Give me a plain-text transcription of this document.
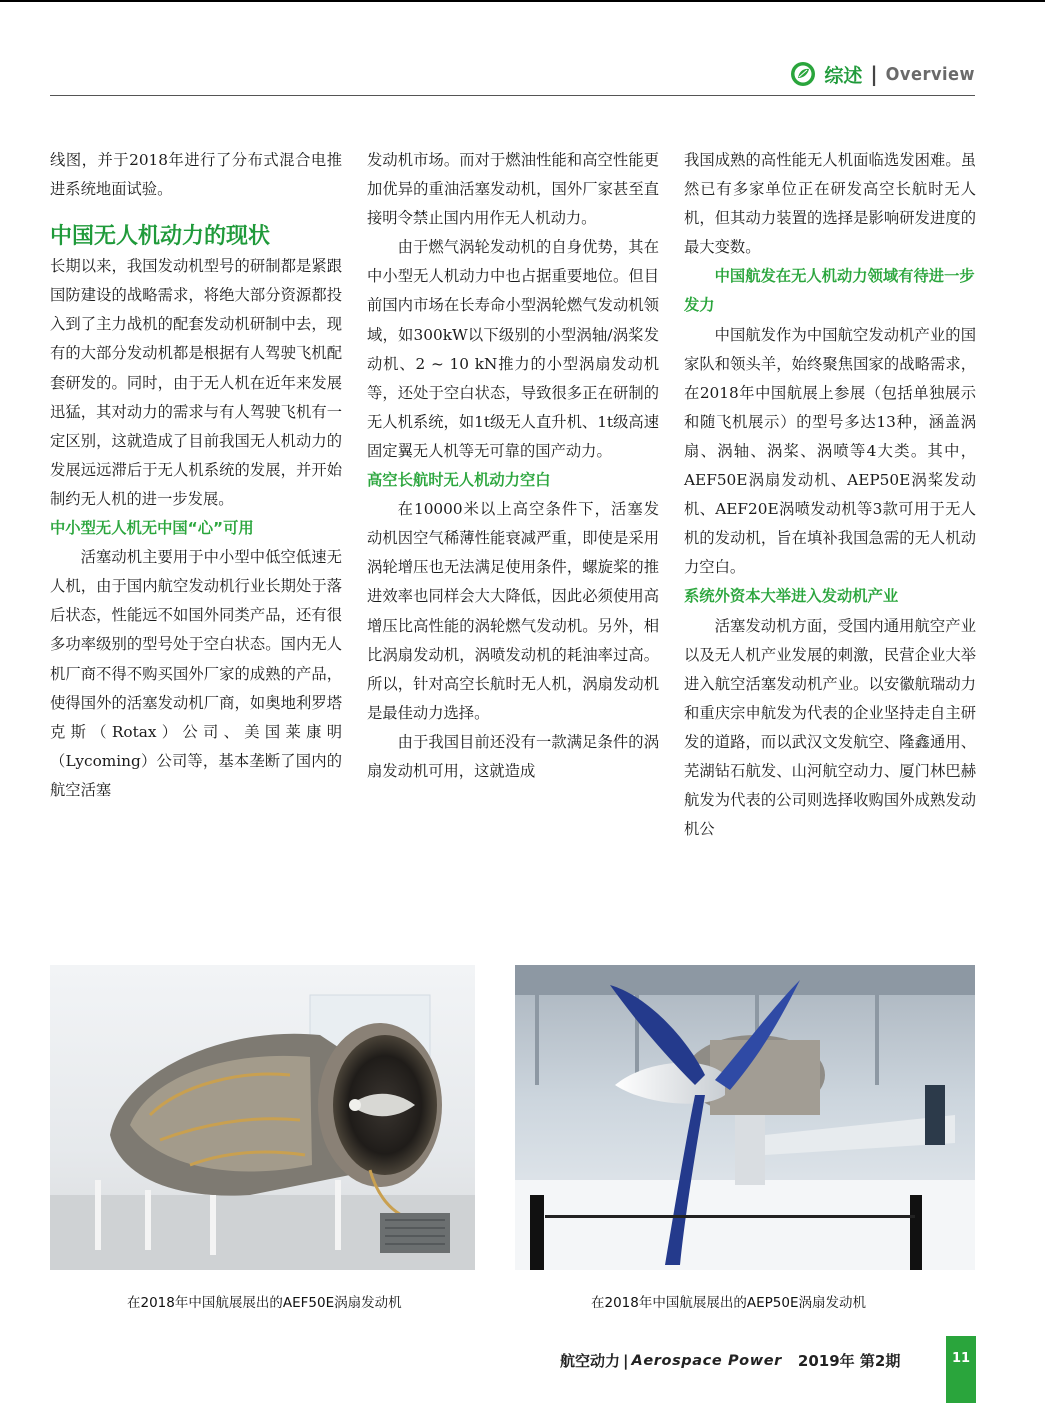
综述 | Overview

线图，并于2018年进行了分布式混合电推进系统地面试验。

中国无人机动力的现状

长期以来，我国发动机型号的研制都是紧跟国防建设的战略需求，将绝大部分资源都投入到了主力战机的配套发动机研制中去，现有的大部分发动机都是根据有人驾驶飞机配套研发的。同时，由于无人机在近年来发展迅猛，其对动力的需求与有人驾驶飞机有一定区别，这就造成了目前我国无人机动力的发展远远滞后于无人机系统的发展，并开始制约无人机的进一步发展。

中小型无人机无中国“心”可用

活塞动机主要用于中小型中低空低速无人机，由于国内航空发动机行业长期处于落后状态，性能远不如国外同类产品，还有很多功率级别的型号处于空白状态。国内无人机厂商不得不购买国外厂家的成熟的产品，使得国外的活塞发动机厂商，如奥地利罗塔克斯（Rotax）公司、美国莱康明（Lycoming）公司等，基本垄断了国内的航空活塞

发动机市场。而对于燃油性能和高空性能更加优异的重油活塞发动机，国外厂家甚至直接明令禁止国内用作无人机动力。

由于燃气涡轮发动机的自身优势，其在中小型无人机动力中也占据重要地位。但目前国内市场在长寿命小型涡轮燃气发动机领域，如300kW以下级别的小型涡轴/涡桨发动机、2 ~ 10 kN推力的小型涡扇发动机等，还处于空白状态，导致很多正在研制的无人机系统，如1t级无人直升机、1t级高速固定翼无人机等无可靠的国产动力。

高空长航时无人机动力空白

在10000米以上高空条件下，活塞发动机因空气稀薄性能衰减严重，即使是采用涡轮增压也无法满足使用条件，螺旋桨的推进效率也同样会大大降低，因此必须使用高增压比高性能的涡轮燃气发动机。另外，相比涡扇发动机，涡喷发动机的耗油率过高。所以，针对高空长航时无人机，涡扇发动机是最佳动力选择。

由于我国目前还没有一款满足条件的涡扇发动机可用，这就造成

我国成熟的高性能无人机面临选发困难。虽然已有多家单位正在研发高空长航时无人机，但其动力装置的选择是影响研发进度的最大变数。

中国航发在无人机动力领域有待进一步发力

中国航发作为中国航空发动机产业的国家队和领头羊，始终聚焦国家的战略需求，在2018年中国航展上参展（包括单独展示和随飞机展示）的型号多达13种，涵盖涡扇、涡轴、涡桨、涡喷等4大类。其中，AEF50E涡扇发动机、AEP50E涡桨发动机、AEF20E涡喷发动机等3款可用于无人机的发动机，旨在填补我国急需的无人机动力空白。

系统外资本大举进入发动机产业

活塞发动机方面，受国内通用航空产业以及无人机产业发展的刺激，民营企业大举进入航空活塞发动机产业。以安徽航瑞动力和重庆宗申航发为代表的企业坚持走自主研发的道路，而以武汉文发航空、隆鑫通用、芜湖钻石航发、山河航空动力、厦门林巴赫航发为代表的公司则选择收购国外成熟发动机公

在2018年中国航展展出的AEF50E涡扇发动机	在2018年中国航展展出的AEP50E涡扇发动机
航空动力 | Aerospace Power 2019年 第2期	11
